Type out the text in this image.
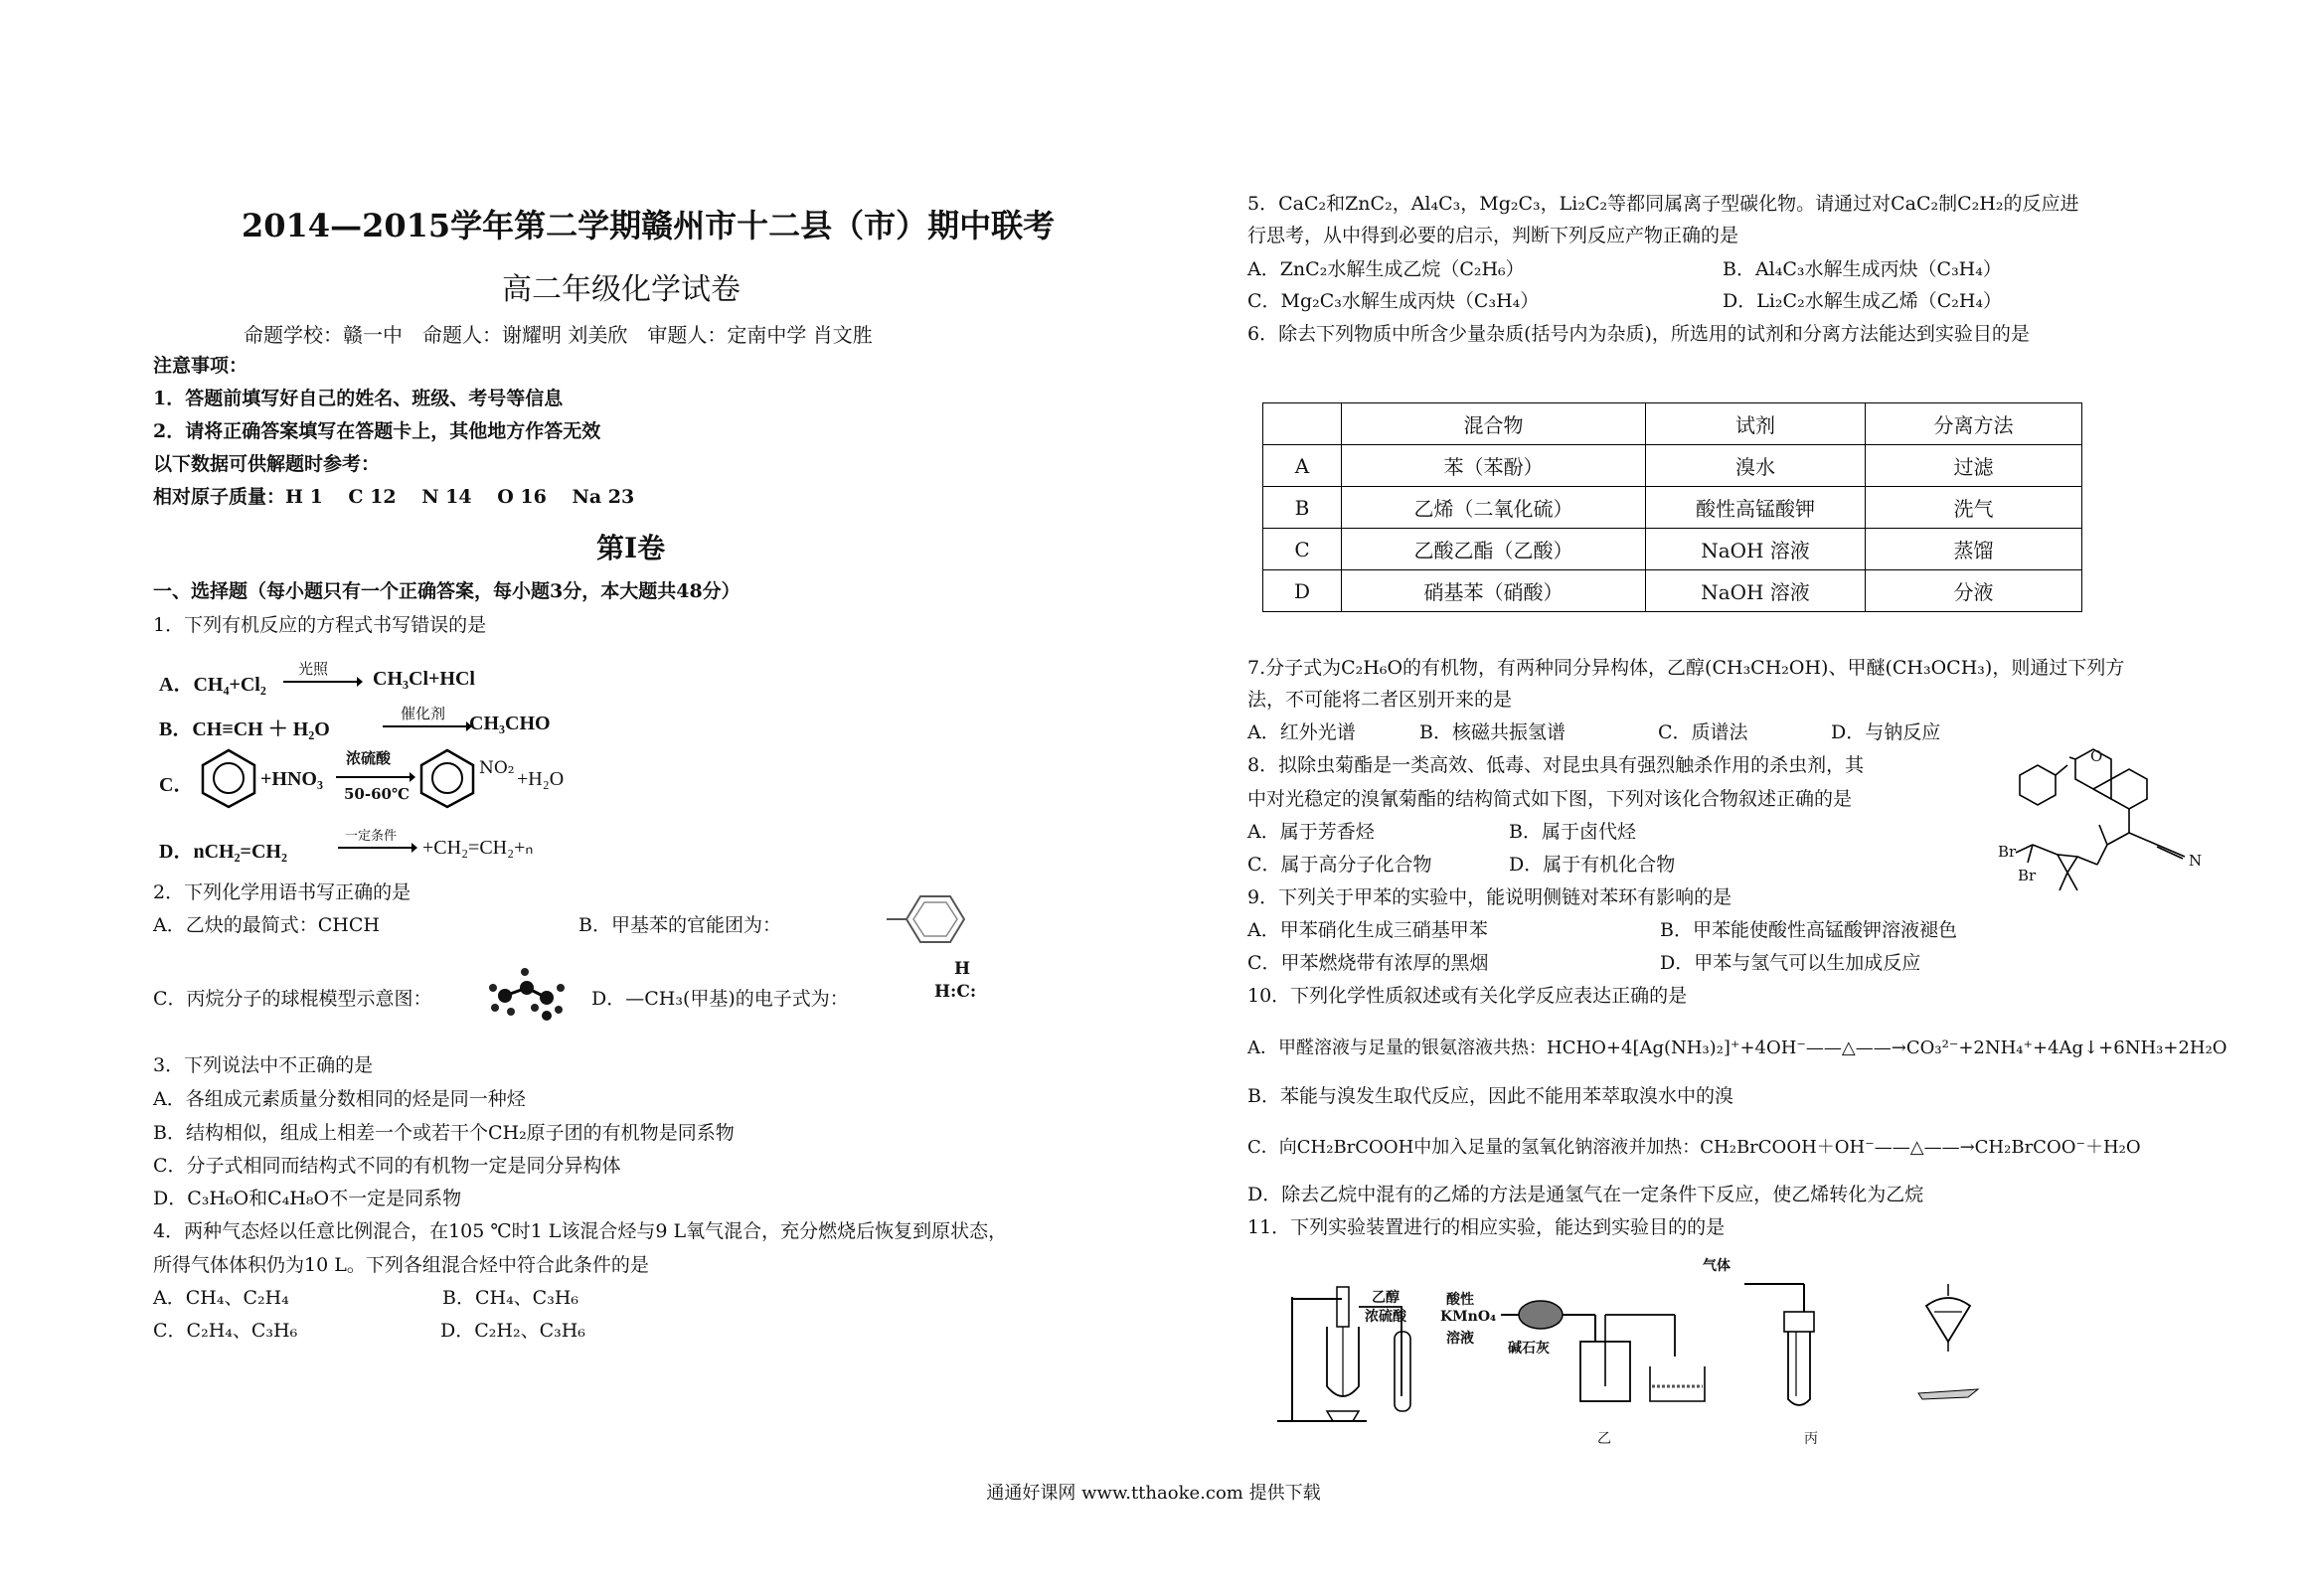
2014—2015学年第二学期赣州市十二县（市）期中联考
高二年级化学试卷
命题学校：赣一中　命题人：谢耀明 刘美欣　审题人：定南中学 肖文胜
注意事项：
1．答题前填写好自己的姓名、班级、考号等信息
2．请将正确答案填写在答题卡上，其他地方作答无效
以下数据可供解题时参考：
相对原子质量：H 1　 C 12　 N 14　 O 16　 Na 23
第Ⅰ卷
一、选择题（每小题只有一个正确答案，每小题3分，本大题共48分）
1．下列有机反应的方程式书写错误的是
A．CH₄+Cl₂
光照 CH₃Cl+HCl
B．CH≡CH ＋ H₂O
催化剂 CH₃CHO
C．	+HNO₃
浓硫酸
50-60℃
NO₂ +H₂O
D．nCH₂=CH₂
一定条件
+CH₂=CH₂+ₙ
2．下列化学用语书写正确的是
A．乙炔的最简式：CHCH	B．甲基苯的官能团为：
C．丙烷分子的球棍模型示意图：	D．—CH₃(甲基)的电子式为：
H
H:C:
3．下列说法中不正确的是
A．各组成元素质量分数相同的烃是同一种烃
B．结构相似，组成上相差一个或若干个CH₂原子团的有机物是同系物
C．分子式相同而结构式不同的有机物一定是同分异构体
D．C₃H₆O和C₄H₈O不一定是同系物
4．两种气态烃以任意比例混合，在105 ℃时1 L该混合烃与9 L氧气混合，充分燃烧后恢复到原状态，
所得气体体积仍为10 L。下列各组混合烃中符合此条件的是
A．CH₄、C₂H₄	B．CH₄、C₃H₆
C．C₂H₄、C₃H₆	D．C₂H₂、C₃H₆
5．CaC₂和ZnC₂，Al₄C₃，Mg₂C₃，Li₂C₂等都同属离子型碳化物。请通过对CaC₂制C₂H₂的反应进
行思考，从中得到必要的启示，判断下列反应产物正确的是
A．ZnC₂水解生成乙烷（C₂H₆）	B．Al₄C₃水解生成丙炔（C₃H₄）
C．Mg₂C₃水解生成丙炔（C₃H₄）	D．Li₂C₂水解生成乙烯（C₂H₄）
6．除去下列物质中所含少量杂质(括号内为杂质)，所选用的试剂和分离方法能达到实验目的是
	混合物	试剂	分离方法
A	苯（苯酚）	溴水	过滤
B	乙烯（二氧化硫）	酸性高锰酸钾	洗气
C	乙酸乙酯（乙酸）	NaOH 溶液	蒸馏
D	硝基苯（硝酸）	NaOH 溶液	分液
7.分子式为C₂H₆O的有机物，有两种同分异构体，乙醇(CH₃CH₂OH)、甲醚(CH₃OCH₃)，则通过下列方
法，不可能将二者区别开来的是
A．红外光谱	B．核磁共振氢谱	C．质谱法	D．与钠反应
8．拟除虫菊酯是一类高效、低毒、对昆虫具有强烈触杀作用的杀虫剂，其
中对光稳定的溴氰菊酯的结构简式如下图，下列对该化合物叙述正确的是
A．属于芳香烃	B．属于卤代烃
C．属于高分子化合物	D．属于有机化合物
O
Br
Br
N
9．下列关于甲苯的实验中，能说明侧链对苯环有影响的是
A．甲苯硝化生成三硝基甲苯	B．甲苯能使酸性高锰酸钾溶液褪色
C．甲苯燃烧带有浓厚的黑烟	D．甲苯与氢气可以生加成反应
10．下列化学性质叙述或有关化学反应表达正确的是
A．甲醛溶液与足量的银氨溶液共热：HCHO+4[Ag(NH₃)₂]⁺+4OH⁻——△——→CO₃²⁻+2NH₄⁺+4Ag↓+6NH₃+2H₂O
B．苯能与溴发生取代反应，因此不能用苯萃取溴水中的溴
C．向CH₂BrCOOH中加入足量的氢氧化钠溶液并加热：CH₂BrCOOH＋OH⁻——△——→CH₂BrCOO⁻＋H₂O
D．除去乙烷中混有的乙烯的方法是通氢气在一定条件下反应，使乙烯转化为乙烷
11．下列实验装置进行的相应实验，能达到实验目的的是
乙醇
浓硫酸
酸性
KMnO₄
溶液
碱石灰
乙
气体
丙
通通好课网 www.tthaoke.com 提供下载
